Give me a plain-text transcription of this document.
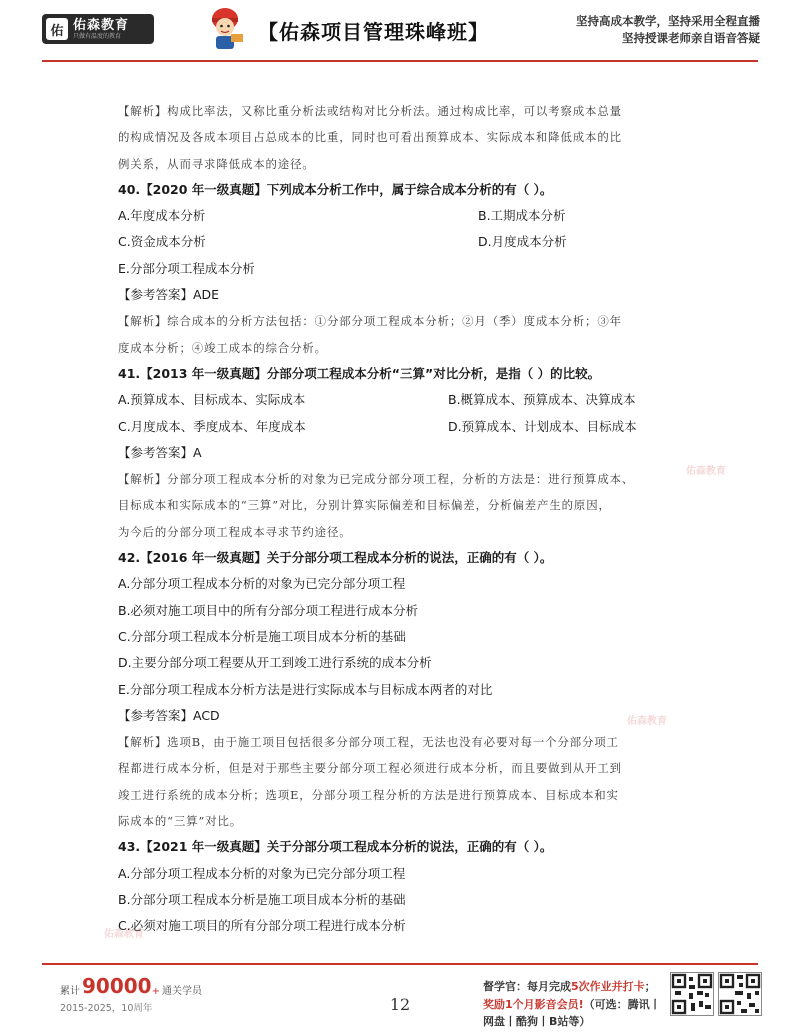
佑 佑森教育
只做有温度的教育	【佑森项目管理珠峰班】	坚持高成本教学，坚持采用全程直播
坚持授课老师亲自语音答疑
佑森教育
佑森教育
佑森教育
【解析】构成比率法，又称比重分析法或结构对比分析法。通过构成比率，可以考察成本总量
的构成情况及各成本项目占总成本的比重，同时也可看出预算成本、实际成本和降低成本的比
例关系，从而寻求降低成本的途径。
40.【2020 年一级真题】下列成本分析工作中，属于综合成本分析的有（ ）。
A.年度成本分析	B.工期成本分析
C.资金成本分析	D.月度成本分析
E.分部分项工程成本分析
【参考答案】ADE
【解析】综合成本的分析方法包括：①分部分项工程成本分析；②月（季）度成本分析；③年
度成本分析；④竣工成本的综合分析。
41.【2013 年一级真题】分部分项工程成本分析“三算”对比分析，是指（ ）的比较。
A.预算成本、目标成本、实际成本	B.概算成本、预算成本、决算成本
C.月度成本、季度成本、年度成本	D.预算成本、计划成本、目标成本
【参考答案】A
【解析】分部分项工程成本分析的对象为已完成分部分项工程，分析的方法是：进行预算成本、
目标成本和实际成本的“三算”对比，分别计算实际偏差和目标偏差，分析偏差产生的原因，
为今后的分部分项工程成本寻求节约途径。
42.【2016 年一级真题】关于分部分项工程成本分析的说法，正确的有（ ）。
A.分部分项工程成本分析的对象为已完分部分项工程
B.必须对施工项目中的所有分部分项工程进行成本分析
C.分部分项工程成本分析是施工项目成本分析的基础
D.主要分部分项工程要从开工到竣工进行系统的成本分析
E.分部分项工程成本分析方法是进行实际成本与目标成本两者的对比
【参考答案】ACD
【解析】选项B，由于施工项目包括很多分部分项工程，无法也没有必要对每一个分部分项工
程都进行成本分析，但是对于那些主要分部分项工程必须进行成本分析，而且要做到从开工到
竣工进行系统的成本分析；选项E，分部分项工程分析的方法是进行预算成本、目标成本和实
际成本的“三算”对比。
43.【2021 年一级真题】关于分部分项工程成本分析的说法，正确的有（ ）。
A.分部分项工程成本分析的对象为已完分部分项工程
B.分部分项工程成本分析是施工项目成本分析的基础
C.必须对施工项目的所有分部分项工程进行成本分析
累计 90000 + 通关学员
2015-2025，10周年	12
督学官：每月完成5次作业并打卡；
奖励1个月影音会员!（可选：腾讯丨
网盘丨酷狗丨B站等）
